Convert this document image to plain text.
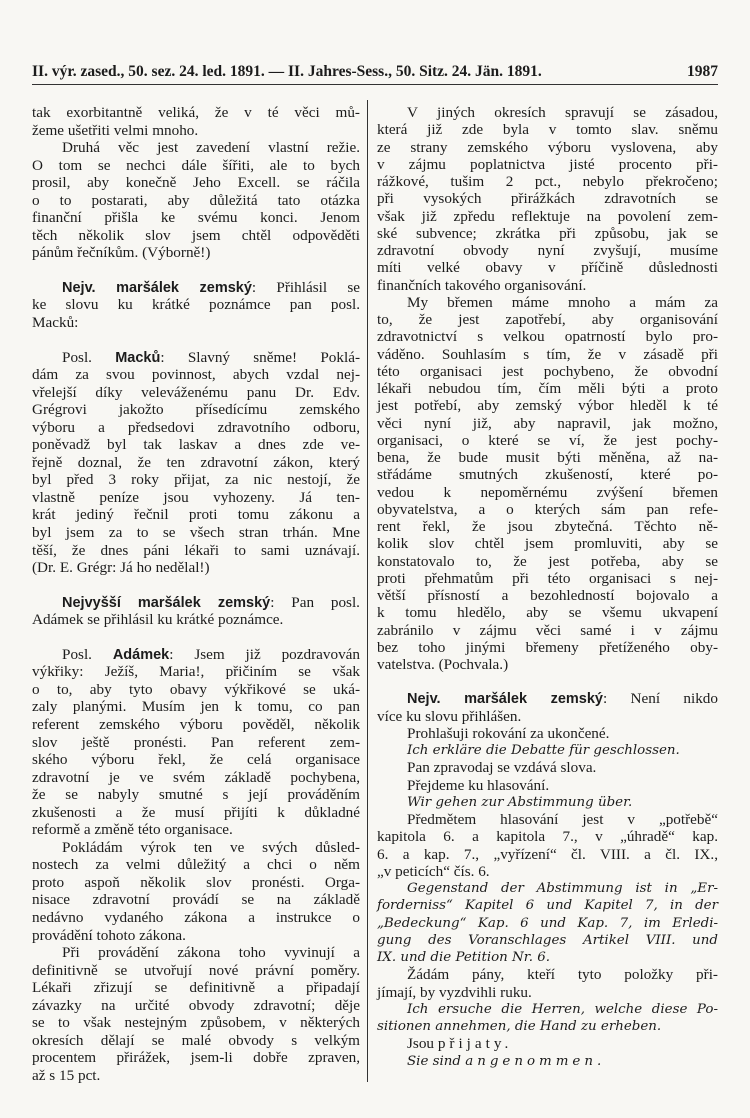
II. výr. zased., 50. sez. 24. led. 1891. — II. Jahres-Sess., 50. Sitz. 24. Jän. 1891.	1987
tak exorbitantně veliká, že v té věci mů-
žeme ušetřiti velmi mnoho.
Druhá věc jest zavedení vlastní režie.
O tom se nechci dále šířiti, ale to bych
prosil, aby konečně Jeho Excell. se ráčila
o to postarati, aby důležitá tato otázka
finanční přišla ke svému konci. Jenom
těch několik slov jsem chtěl odpověděti
pánům řečníkům. (Výborně!)
Nejv. maršálek zemský: Přihlásil se
ke slovu ku krátké poznámce pan posl.
Macků:
Posl. Macků: Slavný sněme! Poklá-
dám za svou povinnost, abych vzdal nej-
vřelejší díky veleváženému panu Dr. Edv.
Grégrovi jakožto přísedícímu zemského
výboru a předsedovi zdravotního odboru,
poněvadž byl tak laskav a dnes zde ve-
řejně doznal, že ten zdravotní zákon, který
byl před 3 roky přijat, za nic nestojí, že
vlastně peníze jsou vyhozeny. Já ten-
krát jediný řečnil proti tomu zákonu a
byl jsem za to se všech stran trhán. Mne
těší, že dnes páni lékaři to sami uznávají.
(Dr. E. Grégr: Já ho nedělal!)
Nejvyšší maršálek zemský: Pan posl.
Adámek se přihlásil ku krátké poznámce.
Posl. Adámek: Jsem již pozdravován
výkřiky: Ježíš, Maria!, přičiním se však
o to, aby tyto obavy výkřikové se uká-
zaly planými. Musím jen k tomu, co pan
referent zemského výboru pověděl, několik
slov ještě pronésti. Pan referent zem-
ského výboru řekl, že celá organisace
zdravotní je ve svém základě pochybena,
že se nabyly smutné s její prováděním
zkušenosti a že musí přijíti k důkladné
reformě a změně této organisace.
Pokládám výrok ten ve svých důsled-
nostech za velmi důležitý a chci o něm
proto aspoň několik slov pronésti. Orga-
nisace zdravotní provádí se na základě
nedávno vydaného zákona a instrukce o
provádění tohoto zákona.
Při provádění zákona toho vyvinují a
definitivně se utvořují nové právní poměry.
Lékaři zřizují se definitivně a připadají
závazky na určité obvody zdravotní; děje
se to však nestejným způsobem, v některých
okresích dělají se malé obvody s velkým
procentem přirážek, jsem-li dobře zpraven,
až s 15 pct.
V jiných okresích spravují se zásadou,
která již zde byla v tomto slav. sněmu
ze strany zemského výboru vyslovena, aby
v zájmu poplatnictva jisté procento při-
rážkové, tušim 2 pct., nebylo překročeno;
při vysokých přirážkách zdravotních se
však již zpředu reflektuje na povolení zem-
ské subvence; zkrátka při způsobu, jak se
zdravotní obvody nyní zvyšují, musíme
míti velké obavy v příčině důslednosti
finančních takového organisování.
My břemen máme mnoho a mám za
to, že jest zapotřebí, aby organisování
zdravotnictví s velkou opatrností bylo pro-
váděno. Souhlasím s tím, že v zásadě při
této organisaci jest pochybeno, že obvodní
lékaři nebudou tím, čím měli býti a proto
jest potřebí, aby zemský výbor hleděl k té
věci nyní již, aby napravil, jak možno,
organisaci, o které se ví, že jest pochy-
bena, že bude musit býti měněna, až na-
střádáme smutných zkušeností, které po-
vedou k nepoměrnému zvýšení břemen
obyvatelstva, a o kterých sám pan refe-
rent řekl, že jsou zbytečná. Těchto ně-
kolik slov chtěl jsem promluviti, aby se
konstatovalo to, že jest potřeba, aby se
proti přehmatům při této organisaci s nej-
větší přísností a bezohledností bojovalo a
k tomu hledělo, aby se všemu ukvapení
zabránilo v zájmu věci samé i v zájmu
bez toho jinými břemeny přetíženého oby-
vatelstva. (Pochvala.)
Nejv. maršálek zemský: Není nikdo
více ku slovu přihlášen.
Prohlašuji rokování za ukončené.
Ich erkläre die Debatte für geschlossen.
Pan zpravodaj se vzdává slova.
Přejdeme ku hlasování.
Wir gehen zur Abstimmung über.
Předmětem hlasování jest v „potřebě“
kapitola 6. a kapitola 7., v „úhradě“ kap.
6. a kap. 7., „vyřízení“ čl. VIII. a čl. IX.,
„v peticích“ čís. 6.
Gegenstand der Abstimmung ist in „Er-
forderniss“ Kapitel 6 und Kapitel 7, in der
„Bedeckung“ Kap. 6 und Kap. 7, im Erledi-
gung des Voranschlages Artikel VIII. und
IX. und die Petition Nr. 6.
Žádám pány, kteří tyto položky při-
jímají, by vyzdvihli ruku.
Ich ersuche die Herren, welche diese Po-
sitionen annehmen, die Hand zu erheben.
Jsou přijaty.
Sie sind angenommen.
